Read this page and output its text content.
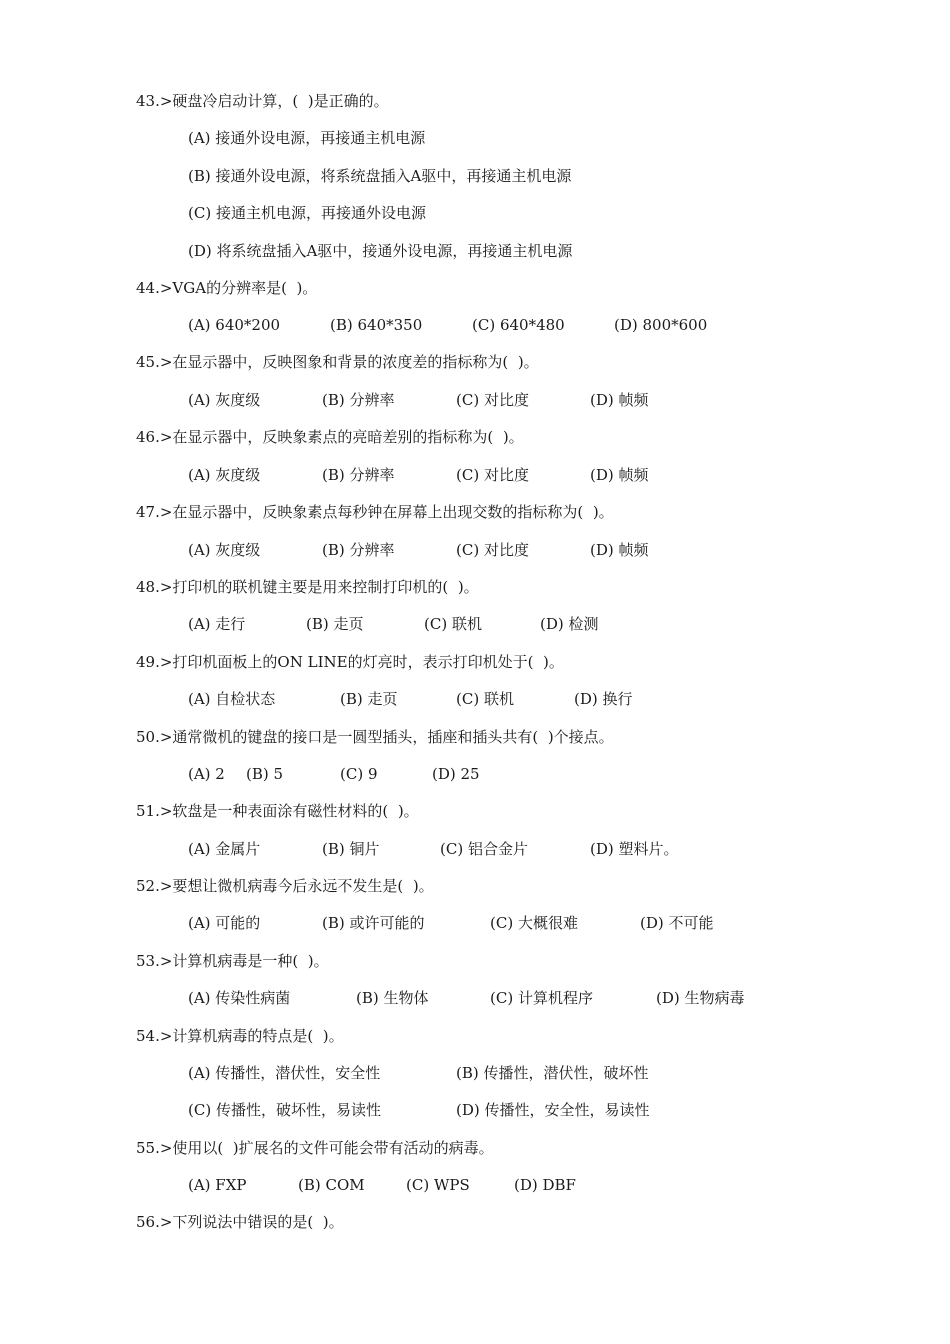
43.>硬盘冷启动计算，(  )是正确的。
(A) 接通外设电源，再接通主机电源
(B) 接通外设电源，将系统盘插入A驱中，再接通主机电源
(C) 接通主机电源，再接通外设电源
(D) 将系统盘插入A驱中，接通外设电源，再接通主机电源
44.>VGA的分辨率是(  )。
(A) 640*200	(B) 640*350	(C) 640*480	(D) 800*600
45.>在显示器中，反映图象和背景的浓度差的指标称为(  )。
(A) 灰度级	(B) 分辨率	(C) 对比度	(D) 帧频
46.>在显示器中，反映象素点的亮暗差别的指标称为(  )。
(A) 灰度级	(B) 分辨率	(C) 对比度	(D) 帧频
47.>在显示器中，反映象素点每秒钟在屏幕上出现交数的指标称为(  )。
(A) 灰度级	(B) 分辨率	(C) 对比度	(D) 帧频
48.>打印机的联机键主要是用来控制打印机的(  )。
(A) 走行	(B) 走页	(C) 联机	(D) 检测
49.>打印机面板上的ON LINE的灯亮时，表示打印机处于(  )。
(A) 自检状态	(B) 走页	(C) 联机	(D) 换行
50.>通常微机的键盘的接口是一圆型插头，插座和插头共有(  )个接点。
(A) 2 (B) 5	(C) 9	(D) 25
51.>软盘是一种表面涂有磁性材料的(  )。
(A) 金属片	(B) 铜片	(C) 铝合金片	(D) 塑料片。
52.>要想让微机病毒今后永远不发生是(  )。
(A) 可能的	(B) 或许可能的	(C) 大概很难	(D) 不可能
53.>计算机病毒是一种(  )。
(A) 传染性病菌	(B) 生物体	(C) 计算机程序	(D) 生物病毒
54.>计算机病毒的特点是(  )。
(A) 传播性，潜伏性，安全性	(B) 传播性，潜伏性，破坏性
(C) 传播性，破坏性，易读性	(D) 传播性，安全性，易读性
55.>使用以(  )扩展名的文件可能会带有活动的病毒。
(A) FXP	(B) COM	(C) WPS	(D) DBF
56.>下列说法中错误的是(  )。
